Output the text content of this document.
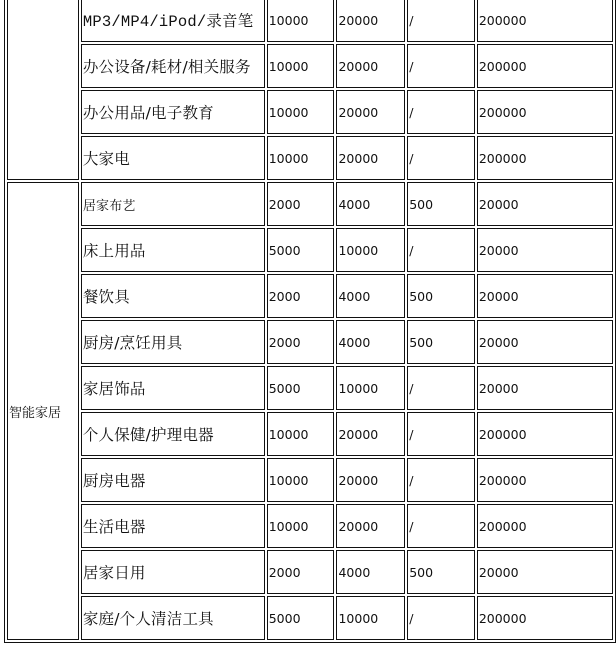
	MP3/MP4/iPod/录音笔	10000	20000	/	200000
	办公设备/耗材/相关服务	10000	20000	/	200000
	办公用品/电子教育	10000	20000	/	200000
	大家电	10000	20000	/	200000
智能家居	居家布艺	2000	4000	500	20000
	床上用品	5000	10000	/	20000
	餐饮具	2000	4000	500	20000
	厨房/烹饪用具	2000	4000	500	20000
	家居饰品	5000	10000	/	20000
	个人保健/护理电器	10000	20000	/	200000
	厨房电器	10000	20000	/	200000
	生活电器	10000	20000	/	200000
	居家日用	2000	4000	500	20000
	家庭/个人清洁工具	5000	10000	/	200000
